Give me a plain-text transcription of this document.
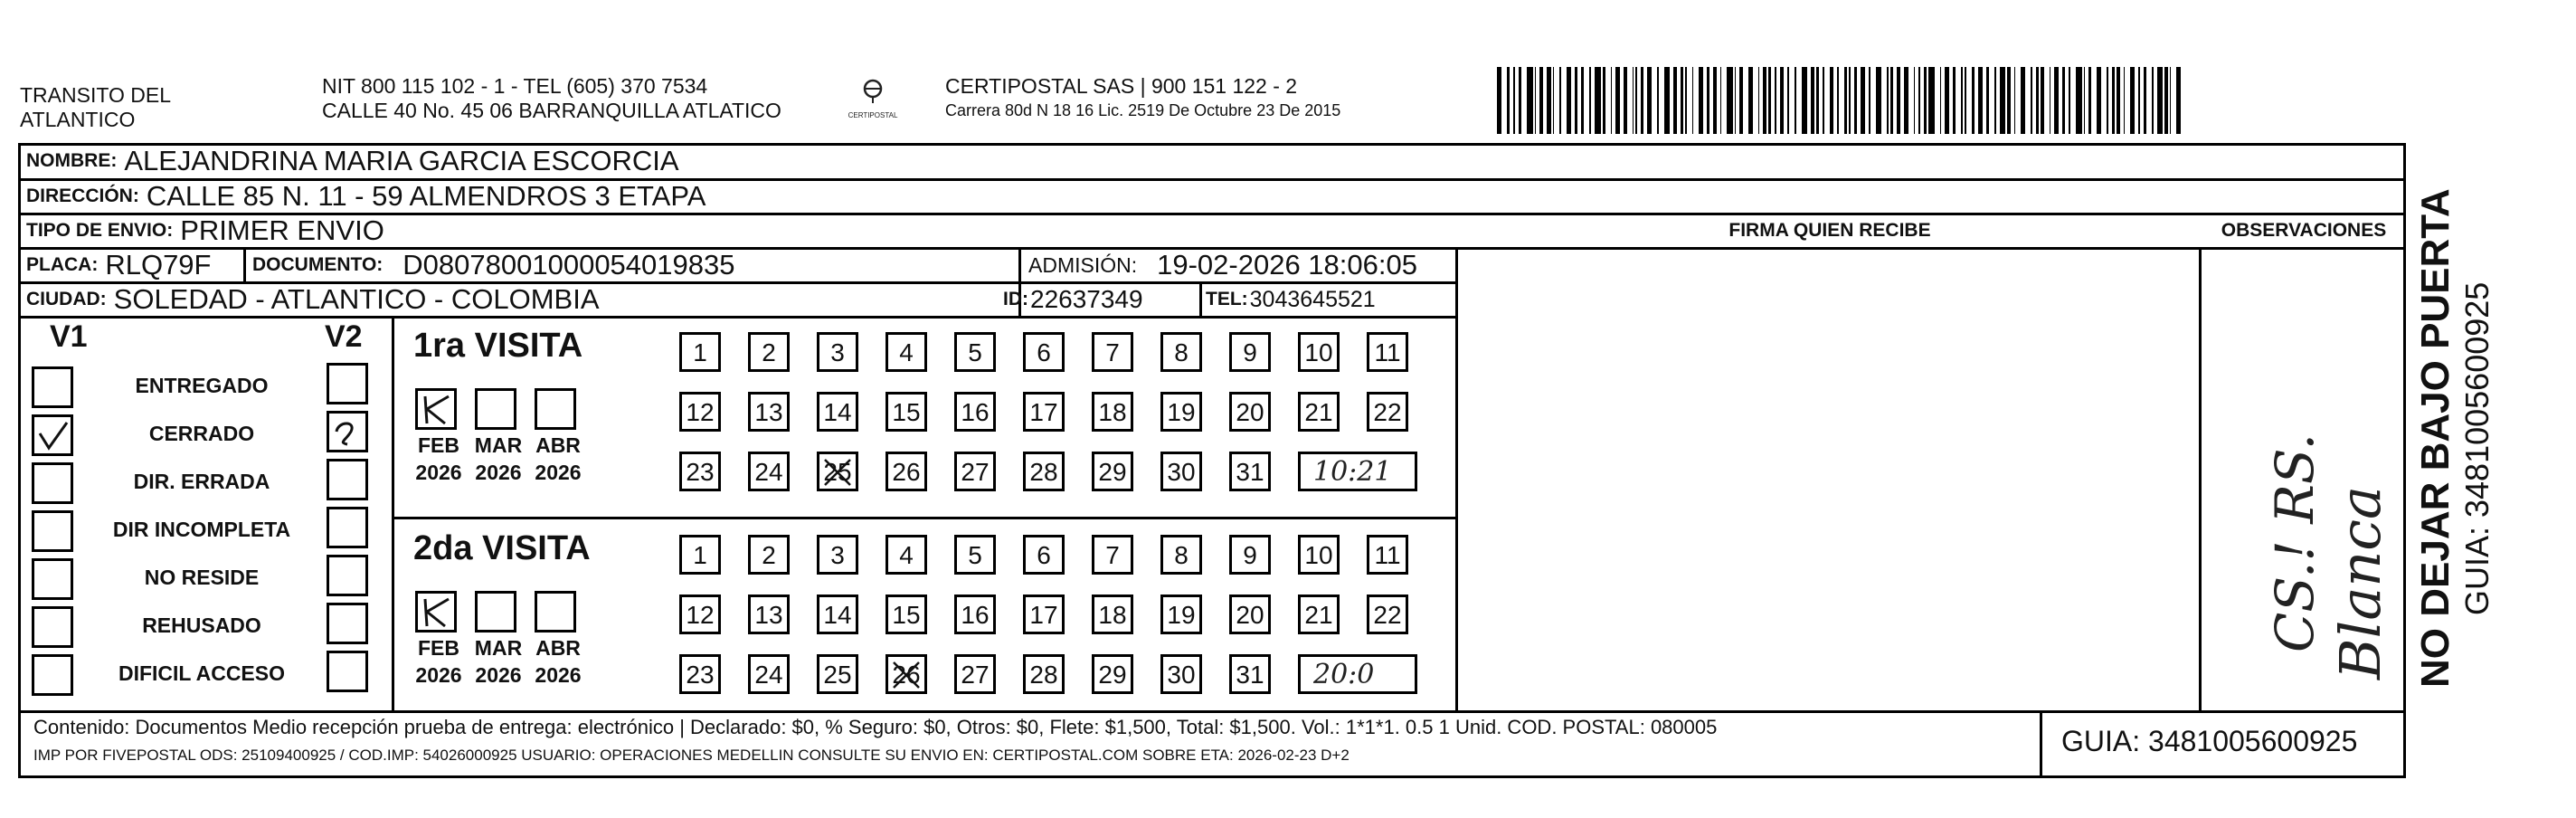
TRANSITO DEL
ATLANTICO
NIT 800 115 102 - 1 - TEL (605) 370 7534
CALLE 40 No. 45 06 BARRANQUILLA ATLATICO	CERTIPOSTAL
CERTIPOSTAL SAS | 900 151 122 - 2
Carrera 80d N 18 16 Lic. 2519 De Octubre 23 De 2015
NOMBRE: ALEJANDRINA MARIA GARCIA ESCORCIA
DIRECCIÓN: CALLE 85 N. 11 - 59 ALMENDROS 3 ETAPA
TIPO DE ENVIO: PRIMER ENVIO	FIRMA QUIEN RECIBE	OBSERVACIONES
PLACA: RLQ79F DOCUMENTO: D08078001000054019835	ADMISIÓN: 19-02-2026 18:06:05
CIUDAD: SOLEDAD - ATLANTICO - COLOMBIA	ID: 22637349	TEL: 3043645521
V1	V2
ENTREGADO
CERRADO
DIR. ERRADA
DIR INCOMPLETA
NO RESIDE
REHUSADO
DIFICIL ACCESO
1ra VISITA
FEB
2026
MAR
2026
ABR
2026
1	2	3	4	5	6	7	8	9	10	11
12 13 14 15 16 17 18 19 20 21 22
23 24 25 26 27 28 29 30 31	10:21
2da VISITA
FEB
2026
MAR
2026
ABR
2026
1	2	3	4	5	6	7	8	9	10	11
12 13 14 15 16 17 18 19 20 21 22
23 24 25 26 27 28 29 30 31	20:0
CS.! RS. Blanca
Contenido: Documentos Medio recepción prueba de entrega: electrónico | Declarado: $0, % Seguro: $0, Otros: $0, Flete: $1,500, Total: $1,500. Vol.: 1*1*1. 0.5 1 Unid. COD. POSTAL: 080005
IMP POR FIVEPOSTAL ODS: 25109400925 / COD.IMP: 54026000925 USUARIO: OPERACIONES MEDELLIN CONSULTE SU ENVIO EN: CERTIPOSTAL.COM SOBRE ETA: 2026-02-23 D+2	GUIA: 3481005600925
NO DEJAR BAJO PUERTA GUIA: 3481005600925
